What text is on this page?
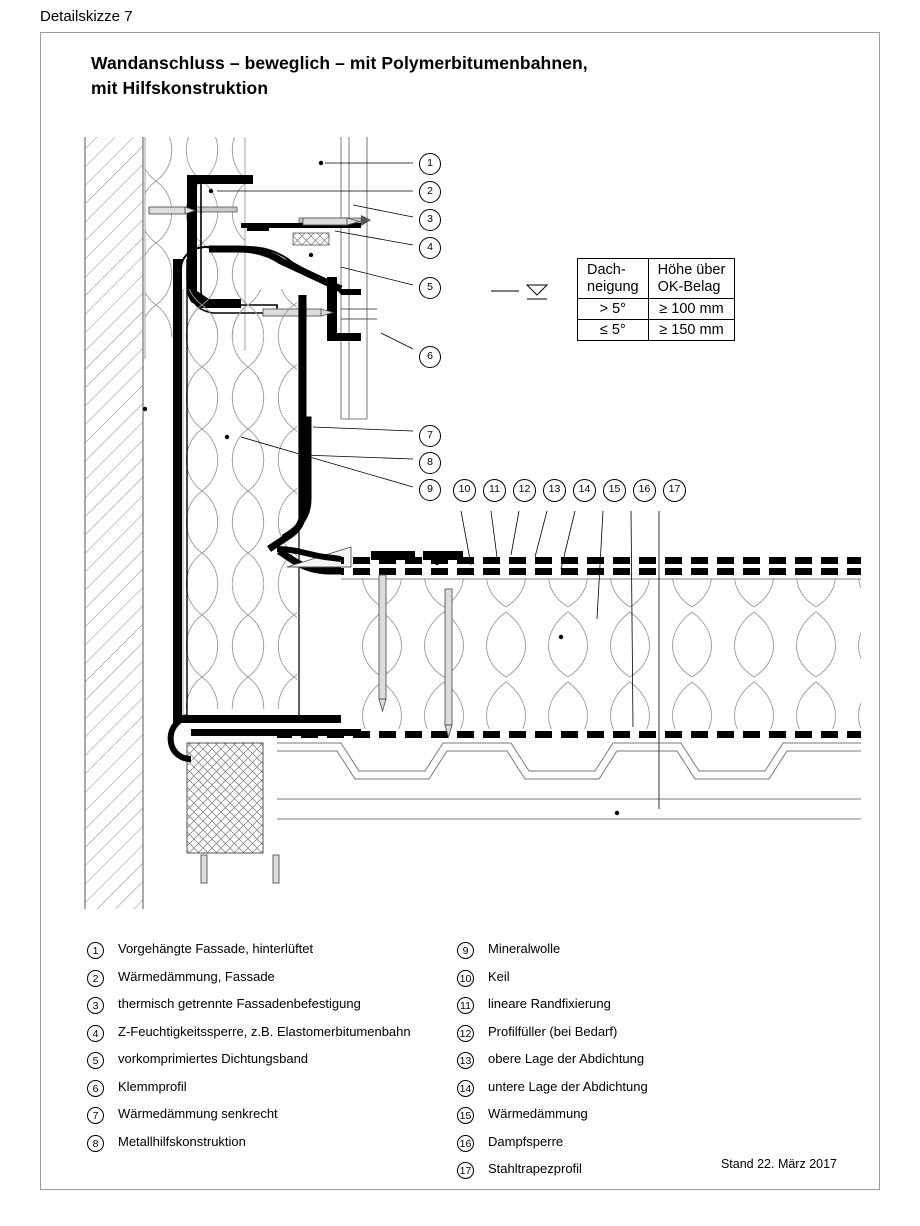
Detailskizze 7
Wandanschluss – beweglich – mit Polymerbitumenbahnen,
mit Hilfskonstruktion
1
2
3
4
5
6
7
8
9	10	11	12	13	14	15	16	17
Dach-
neigung	Höhe über
OK-Belag
> 5°	≥ 100 mm
≤ 5°	≥ 150 mm
1	Vorgehängte Fassade, hinterlüftet
2	Wärmedämmung, Fassade
3	thermisch getrennte Fassadenbefestigung
4	Z-Feuchtigkeitssperre, z.B. Elastomerbitumenbahn
5	vorkomprimiertes Dichtungsband
6	Klemmprofil
7	Wärmedämmung senkrecht
8	Metallhilfskonstruktion
9	Mineralwolle
10 Keil
11 lineare Randfixierung
12 Profilfüller (bei Bedarf)
13 obere Lage der Abdichtung
14 untere Lage der Abdichtung
15 Wärmedämmung
16 Dampfsperre
17 Stahltrapezprofil	Stand 22. März 2017
